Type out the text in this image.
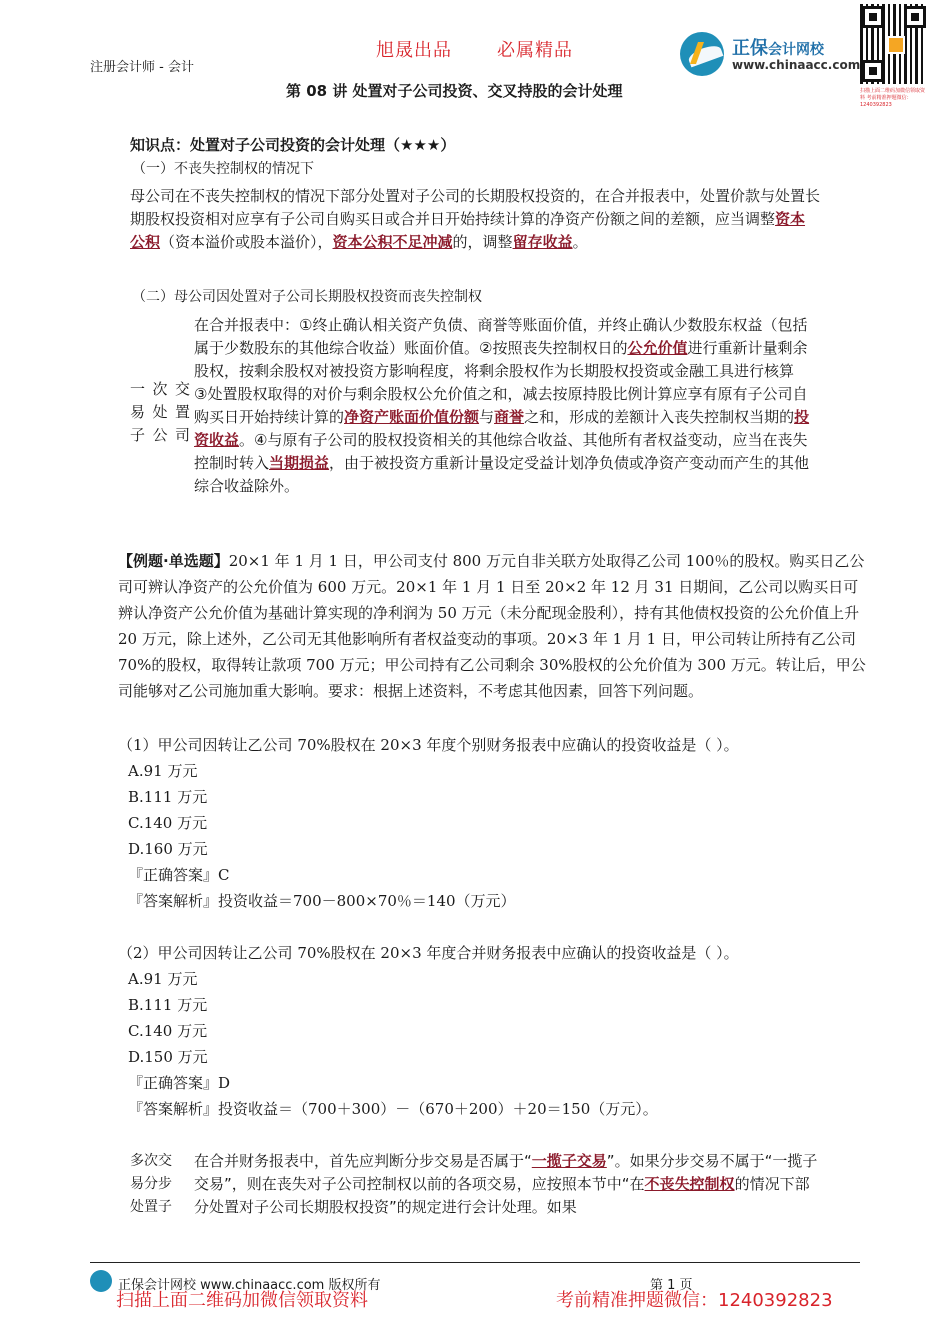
旭晟出品	必属精品
注册会计师 - 会计
正保会计网校
www.chinaacc.com
扫描上面二维码加微信领取资料 考前精准押题微信：1240392823
第 08 讲 处置对子公司投资、交叉持股的会计处理
知识点：处置对子公司投资的会计处理（★★★）
（一）不丧失控制权的情况下
母公司在不丧失控制权的情况下部分处置对子公司的长期股权投资的，在合并报表中，处置价款与处置长期股权投资相对应享有子公司自购买日或合并日开始持续计算的净资产份额之间的差额，应当调整资本公积（资本溢价或股本溢价），资本公积不足冲减的，调整留存收益。
（二）母公司因处置对子公司长期股权投资而丧失控制权
一次交
易处置
子公司
在合并报表中：①终止确认相关资产负债、商誉等账面价值，并终止确认少数股东权益（包括属于少数股东的其他综合收益）账面价值。②按照丧失控制权日的公允价值进行重新计量剩余股权，按剩余股权对被投资方影响程度，将剩余股权作为长期股权投资或金融工具进行核算
③处置股权取得的对价与剩余股权公允价值之和，减去按原持股比例计算应享有原有子公司自购买日开始持续计算的净资产账面价值份额与商誉之和，形成的差额计入丧失控制权当期的投资收益。④与原有子公司的股权投资相关的其他综合收益、其他所有者权益变动，应当在丧失控制时转入当期损益，由于被投资方重新计量设定受益计划净负债或净资产变动而产生的其他综合收益除外。
【例题·单选题】20×1 年 1 月 1 日，甲公司支付 800 万元自非关联方处取得乙公司 100％的股权。购买日乙公司可辨认净资产的公允价值为 600 万元。20×1 年 1 月 1 日至 20×2 年 12 月 31 日期间，乙公司以购买日可辨认净资产公允价值为基础计算实现的净利润为 50 万元（未分配现金股利），持有其他债权投资的公允价值上升 20 万元，除上述外，乙公司无其他影响所有者权益变动的事项。20×3 年 1 月 1 日，甲公司转让所持有乙公司 70%的股权，取得转让款项 700 万元；甲公司持有乙公司剩余 30%股权的公允价值为 300 万元。转让后，甲公司能够对乙公司施加重大影响。要求：根据上述资料，不考虑其他因素，回答下列问题。
（1）甲公司因转让乙公司 70%股权在 20×3 年度个别财务报表中应确认的投资收益是（ ）。
A.91 万元
B.111 万元
C.140 万元
D.160 万元
『正确答案』C
『答案解析』投资收益＝700－800×70％＝140（万元）
（2）甲公司因转让乙公司 70%股权在 20×3 年度合并财务报表中应确认的投资收益是（ ）。
A.91 万元
B.111 万元
C.140 万元
D.150 万元
『正确答案』D
『答案解析』投资收益＝（700＋300）－（670＋200）＋20＝150（万元）。
多次交
易分步
处置子
在合并财务报表中，首先应判断分步交易是否属于“一揽子交易”。如果分步交易不属于“一揽子交易”，则在丧失对子公司控制权以前的各项交易，应按照本节中“在不丧失控制权的情况下部分处置对子公司长期股权投资”的规定进行会计处理。如果
正保会计网校 www.chinaacc.com 版权所有	第 1 页
扫描上面二维码加微信领取资料	考前精准押题微信：1240392823
